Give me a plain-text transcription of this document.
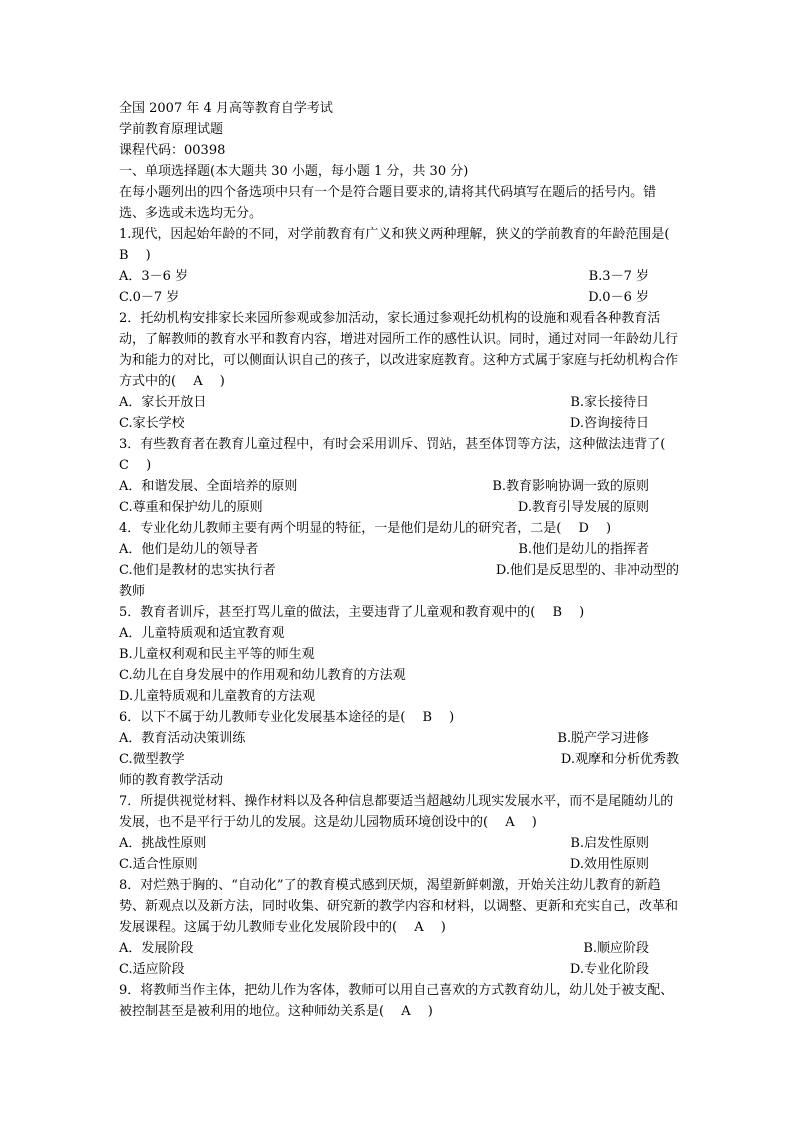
全国 2007 年 4 月高等教育自学考试
学前教育原理试题
课程代码：00398
一、单项选择题(本大题共 30 小题，每小题 1 分，共 30 分)
在每小题列出的四个备选项中只有一个是符合题目要求的,请将其代码填写在题后的括号内。错选、多选或未选均无分。
1.现代，因起始年龄的不同，对学前教育有广义和狭义两种理解，狭义的学前教育的年龄范围是(　 B　 )
A．3－6 岁	B.3－7 岁
C.0－7 岁	D.0－6 岁
2．托幼机构安排家长来园所参观或参加活动，家长通过参观托幼机构的设施和观看各种教育活动，了解教师的教育水平和教育内容，增进对园所工作的感性认识。同时，通过对同一年龄幼儿行为和能力的对比，可以侧面认识自己的孩子，以改进家庭教育。这种方式属于家庭与托幼机构合作方式中的(　 A　 )
A．家长开放日	B.家长接待日
C.家长学校	D.咨询接待日
3．有些教育者在教育儿童过程中，有时会采用训斥、罚站，甚至体罚等方法，这种做法违背了(　 C　 )
A．和谐发展、全面培养的原则	B.教育影响协调一致的原则
C.尊重和保护幼儿的原则	D.教育引导发展的原则
4．专业化幼儿教师主要有两个明显的特征，一是他们是幼儿的研究者，二是(　 D　 )
A．他们是幼儿的领导者	B.他们是幼儿的指挥者
C.他们是教材的忠实执行者	D.他们是反思型的、非冲动型的
教师
5．教育者训斥，甚至打骂儿童的做法，主要违背了儿童观和教育观中的(　 B　 )
A．儿童特质观和适宜教育观
B.儿童权利观和民主平等的师生观
C.幼儿在自身发展中的作用观和幼儿教育的方法观
D.儿童特质观和儿童教育的方法观
6．以下不属于幼儿教师专业化发展基本途径的是(　 B　 )
A．教育活动决策训练	B.脱产学习进修
C.微型教学	D.观摩和分析优秀教
师的教育教学活动
7．所提供视觉材料、操作材料以及各种信息都要适当超越幼儿现实发展水平，而不是尾随幼儿的发展，也不是平行于幼儿的发展。这是幼儿园物质环境创设中的(　 A　 )
A．挑战性原则	B.启发性原则
C.适合性原则	D.效用性原则
8．对烂熟于胸的、“自动化”了的教育模式感到厌烦，渴望新鲜刺激，开始关注幼儿教育的新趋势、新观点以及新方法，同时收集、研究新的教学内容和材料，以调整、更新和充实自己，改革和发展课程。这属于幼儿教师专业化发展阶段中的(　 A　 )
A．发展阶段	B.顺应阶段
C.适应阶段	D.专业化阶段
9．将教师当作主体，把幼儿作为客体，教师可以用自己喜欢的方式教育幼儿，幼儿处于被支配、被控制甚至是被利用的地位。这种师幼关系是(　 A　 )
